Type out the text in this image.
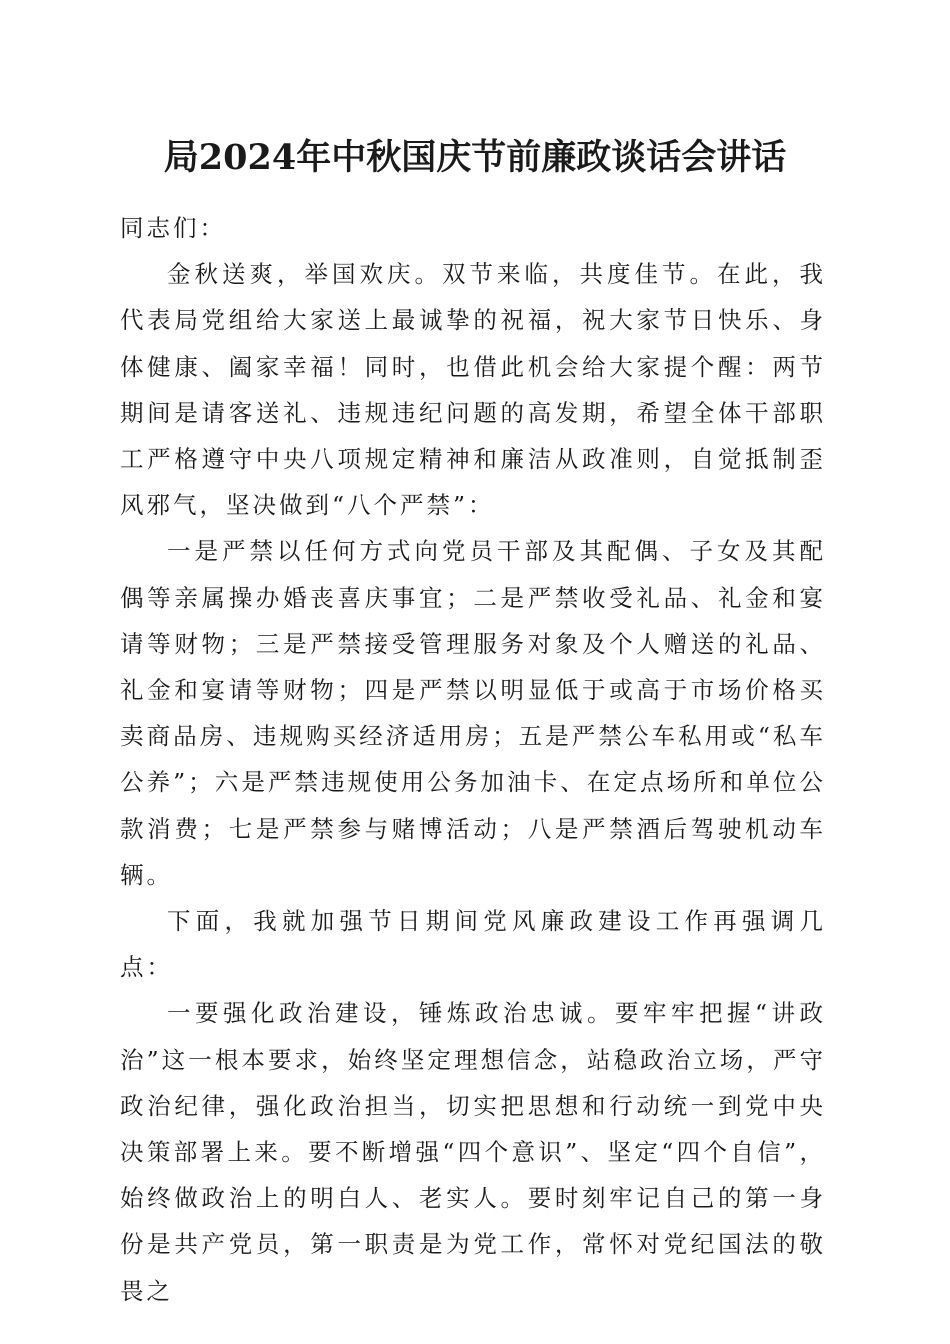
局2024年中秋国庆节前廉政谈话会讲话

同志们：

金秋送爽，举国欢庆。双节来临，共度佳节。在此，我代表局党组给大家送上最诚挚的祝福，祝大家节日快乐、身体健康、阖家幸福！同时，也借此机会给大家提个醒：两节期间是请客送礼、违规违纪问题的高发期，希望全体干部职工严格遵守中央八项规定精神和廉洁从政准则，自觉抵制歪风邪气，坚决做到“八个严禁”：

一是严禁以任何方式向党员干部及其配偶、子女及其配偶等亲属操办婚丧喜庆事宜；二是严禁收受礼品、礼金和宴请等财物；三是严禁接受管理服务对象及个人赠送的礼品、礼金和宴请等财物；四是严禁以明显低于或高于市场价格买卖商品房、违规购买经济适用房；五是严禁公车私用或“私车公养”；六是严禁违规使用公务加油卡、在定点场所和单位公款消费；七是严禁参与赌博活动；八是严禁酒后驾驶机动车辆。

下面，我就加强节日期间党风廉政建设工作再强调几点：

一要强化政治建设，锤炼政治忠诚。要牢牢把握“讲政治”这一根本要求，始终坚定理想信念，站稳政治立场，严守政治纪律，强化政治担当，切实把思想和行动统一到党中央决策部署上来。要不断增强“四个意识”、坚定“四个自信”，始终做政治上的明白人、老实人。要时刻牢记自己的第一身份是共产党员，第一职责是为党工作，常怀对党纪国法的敬畏之
